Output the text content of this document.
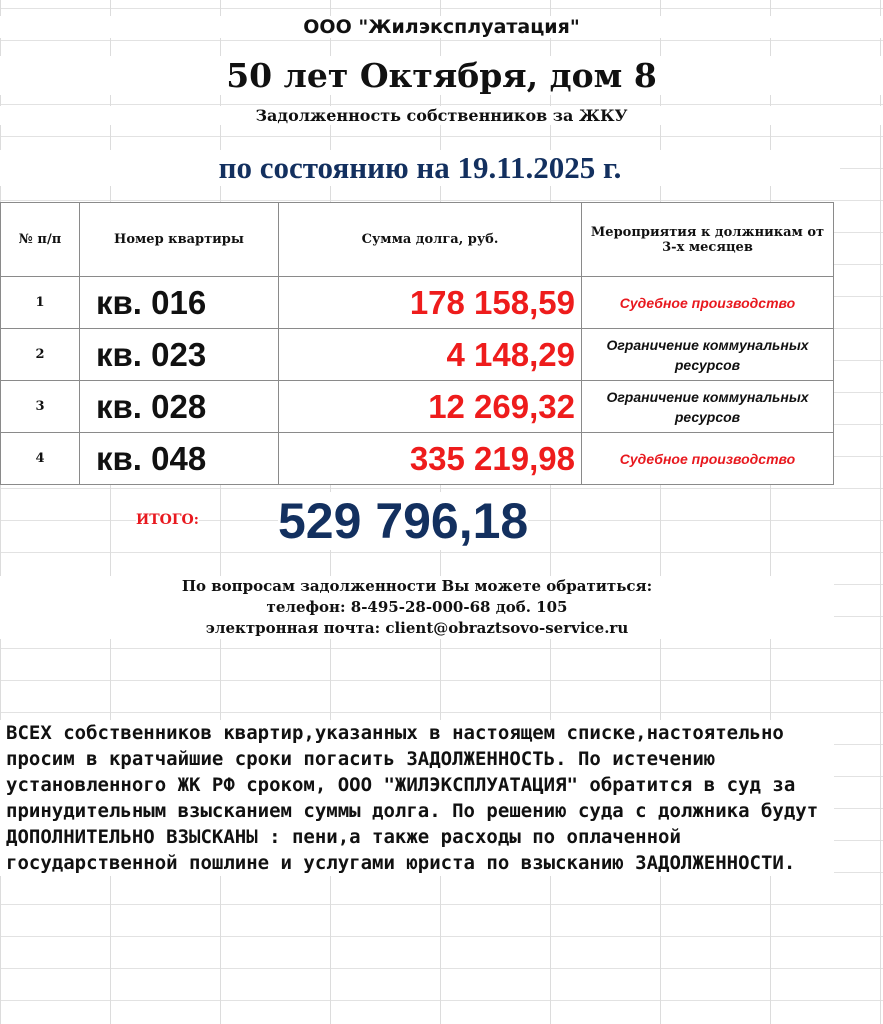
ООО "Жилэксплуатация"
50 лет Октября, дом 8
Задолженность собственников за ЖКУ
по состоянию на 19.11.2025 г.
№ п/п	Номер квартиры	Сумма долга, руб.	Мероприятия к должникам от 3-х месяцев
1	кв. 016	178 158,59	Судебное производство
2	кв. 023	4 148,29	Ограничение коммунальных ресурсов
3	кв. 028	12 269,32	Ограничение коммунальных ресурсов
4	кв. 048	335 219,98	Судебное производство
ИТОГО: 529 796,18
По вопросам задолженности Вы можете обратиться:
телефон: 8-495-28-000-68 доб. 105
электронная почта: client@obraztsovo-service.ru
ВСЕХ собственников квартир,указанных в настоящем списке,настоятельно просим в кратчайшие сроки погасить ЗАДОЛЖЕННОСТЬ. По истечению установленного ЖК РФ сроком, ООО "ЖИЛЭКСПЛУАТАЦИЯ" обратится в суд за принудительным взысканием суммы долга. По решению суда с должника будут ДОПОЛНИТЕЛЬНО ВЗЫСКАНЫ : пени,а также расходы по оплаченной государственной пошлине и услугами юриста по взысканию ЗАДОЛЖЕННОСТИ.
